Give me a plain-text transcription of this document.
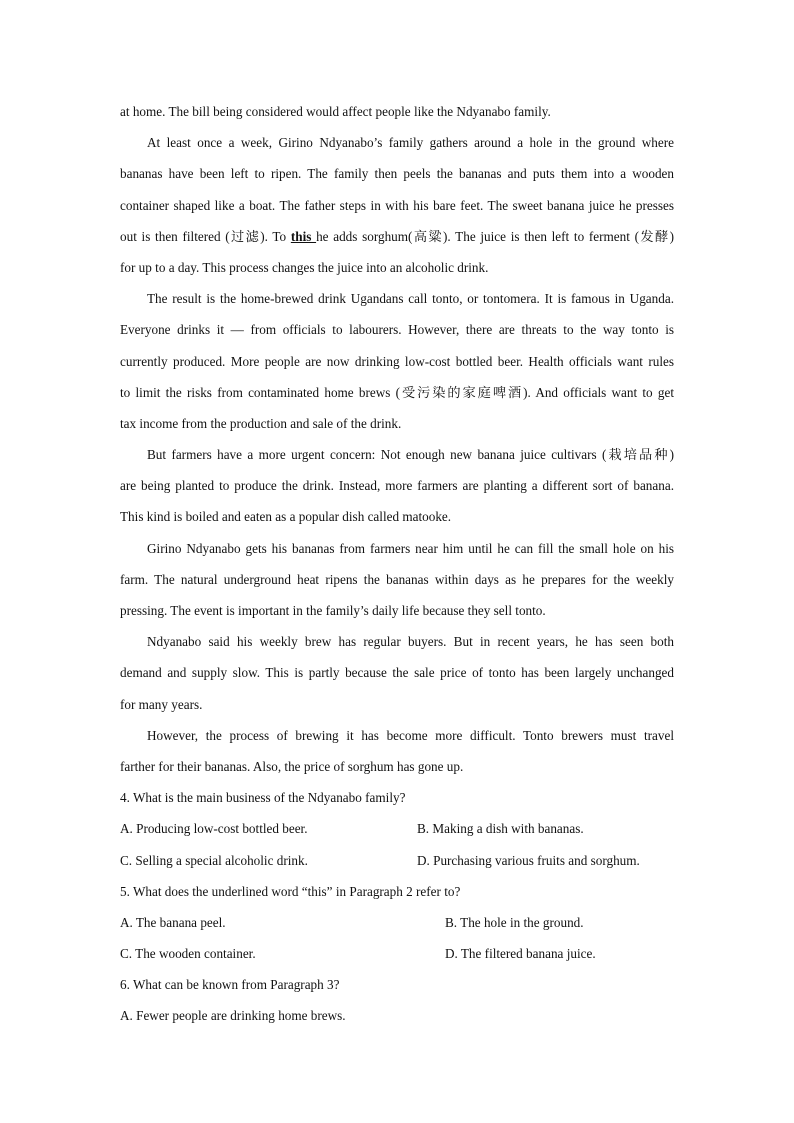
at home. The bill being considered would affect people like the Ndyanabo family.
At least once a week, Girino Ndyanabo’s family gathers around a hole in the ground where
bananas have been left to ripen. The family then peels the bananas and puts them into a wooden
container shaped like a boat. The father steps in with his bare feet. The sweet banana juice he presses
out is then filtered (过滤). To this he adds sorghum(高粱). The juice is then left to ferment (发酵)
for up to a day. This process changes the juice into an alcoholic drink.
The result is the home-brewed drink Ugandans call tonto, or tontomera. It is famous in Uganda.
Everyone drinks it — from officials to labourers. However, there are threats to the way tonto is
currently produced. More people are now drinking low-cost bottled beer. Health officials want rules
to limit the risks from contaminated home brews (受污染的家庭啤酒). And officials want to get
tax income from the production and sale of the drink.
But farmers have a more urgent concern: Not enough new banana juice cultivars (栽培品种)
are being planted to produce the drink. Instead, more farmers are planting a different sort of banana.
This kind is boiled and eaten as a popular dish called matooke.
Girino Ndyanabo gets his bananas from farmers near him until he can fill the small hole on his
farm. The natural underground heat ripens the bananas within days as he prepares for the weekly
pressing. The event is important in the family’s daily life because they sell tonto.
Ndyanabo said his weekly brew has regular buyers. But in recent years, he has seen both
demand and supply slow. This is partly because the sale price of tonto has been largely unchanged
for many years.
However, the process of brewing it has become more difficult. Tonto brewers must travel
farther for their bananas. Also, the price of sorghum has gone up.
4. What is the main business of the Ndyanabo family?
A. Producing low-cost bottled beer.	B. Making a dish with bananas.
C. Selling a special alcoholic drink.	D. Purchasing various fruits and sorghum.
5. What does the underlined word “this” in Paragraph 2 refer to?
A. The banana peel.	B. The hole in the ground.
C. The wooden container.	D. The filtered banana juice.
6. What can be known from Paragraph 3?
A. Fewer people are drinking home brews.
